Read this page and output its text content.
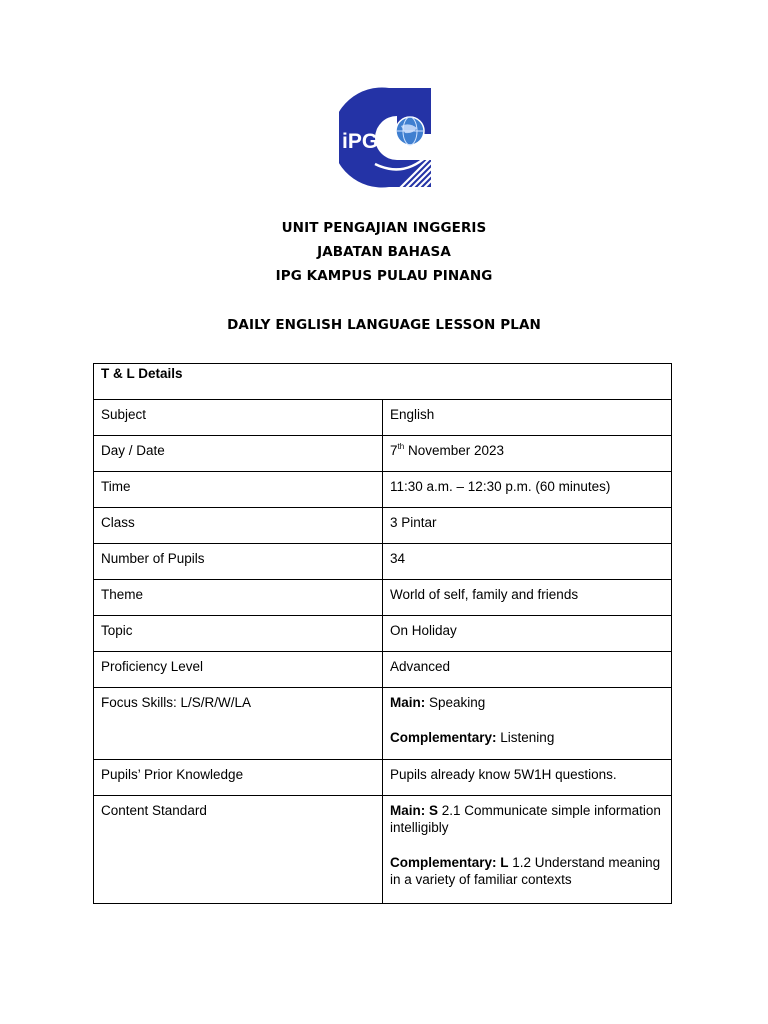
iPG
UNIT PENGAJIAN INGGERIS
JABATAN BAHASA
IPG KAMPUS PULAU PINANG
DAILY ENGLISH LANGUAGE LESSON PLAN
T & L Details	
Subject	English
Day / Date	7th November 2023
Time	11:30 a.m. – 12:30 p.m. (60 minutes)
Class	3 Pintar
Number of Pupils	34
Theme	World of self, family and friends
Topic	On Holiday
Proficiency Level	Advanced
Focus Skills: L/S/R/W/LA	Main: Speaking
Complementary: Listening

Pupils’ Prior Knowledge	Pupils already know 5W1H questions.
Content Standard	Main: S 2.1 Communicate simple information intelligibly
Complementary: L 1.2 Understand meaning in a variety of familiar contexts
